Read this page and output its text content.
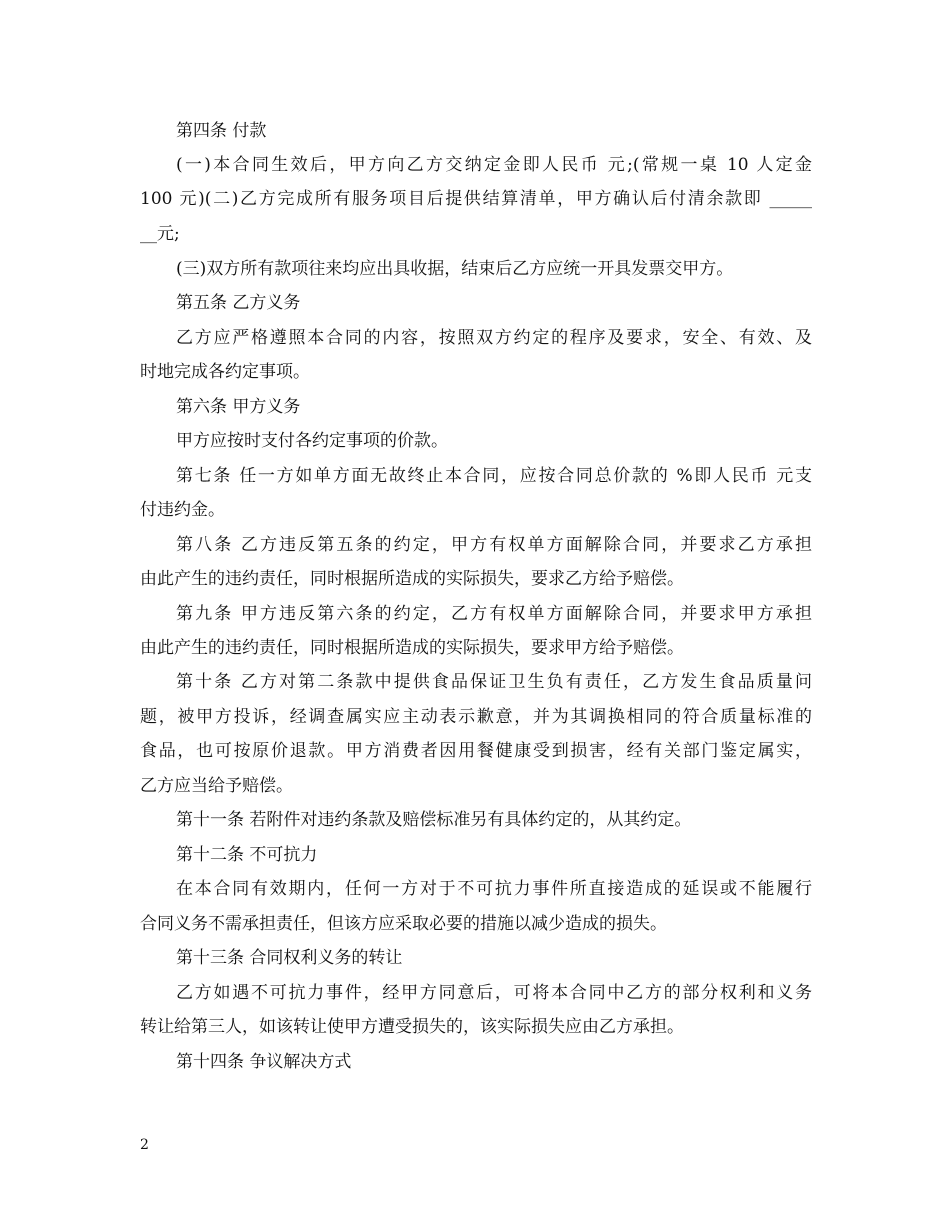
第四条 付款
(一)本合同生效后，甲方向乙方交纳定金即人民币 元;(常规一桌 10 人定金
100 元)(二)乙方完成所有服务项目后提供结算清单，甲方确认后付清余款即 _____
__元;
(三)双方所有款项往来均应出具收据，结束后乙方应统一开具发票交甲方。
第五条 乙方义务
乙方应严格遵照本合同的内容，按照双方约定的程序及要求，安全、有效、及
时地完成各约定事项。
第六条 甲方义务
甲方应按时支付各约定事项的价款。
第七条 任一方如单方面无故终止本合同，应按合同总价款的 %即人民币 元支
付违约金。
第八条 乙方违反第五条的约定，甲方有权单方面解除合同，并要求乙方承担
由此产生的违约责任，同时根据所造成的实际损失，要求乙方给予赔偿。
第九条 甲方违反第六条的约定，乙方有权单方面解除合同，并要求甲方承担
由此产生的违约责任，同时根据所造成的实际损失，要求甲方给予赔偿。
第十条 乙方对第二条款中提供食品保证卫生负有责任，乙方发生食品质量问
题，被甲方投诉，经调查属实应主动表示歉意，并为其调换相同的符合质量标准的
食品，也可按原价退款。甲方消费者因用餐健康受到损害，经有关部门鉴定属实，
乙方应当给予赔偿。
第十一条 若附件对违约条款及赔偿标准另有具体约定的，从其约定。
第十二条 不可抗力
在本合同有效期内，任何一方对于不可抗力事件所直接造成的延误或不能履行
合同义务不需承担责任，但该方应采取必要的措施以减少造成的损失。
第十三条 合同权利义务的转让
乙方如遇不可抗力事件，经甲方同意后，可将本合同中乙方的部分权利和义务
转让给第三人，如该转让使甲方遭受损失的，该实际损失应由乙方承担。
第十四条 争议解决方式
2
